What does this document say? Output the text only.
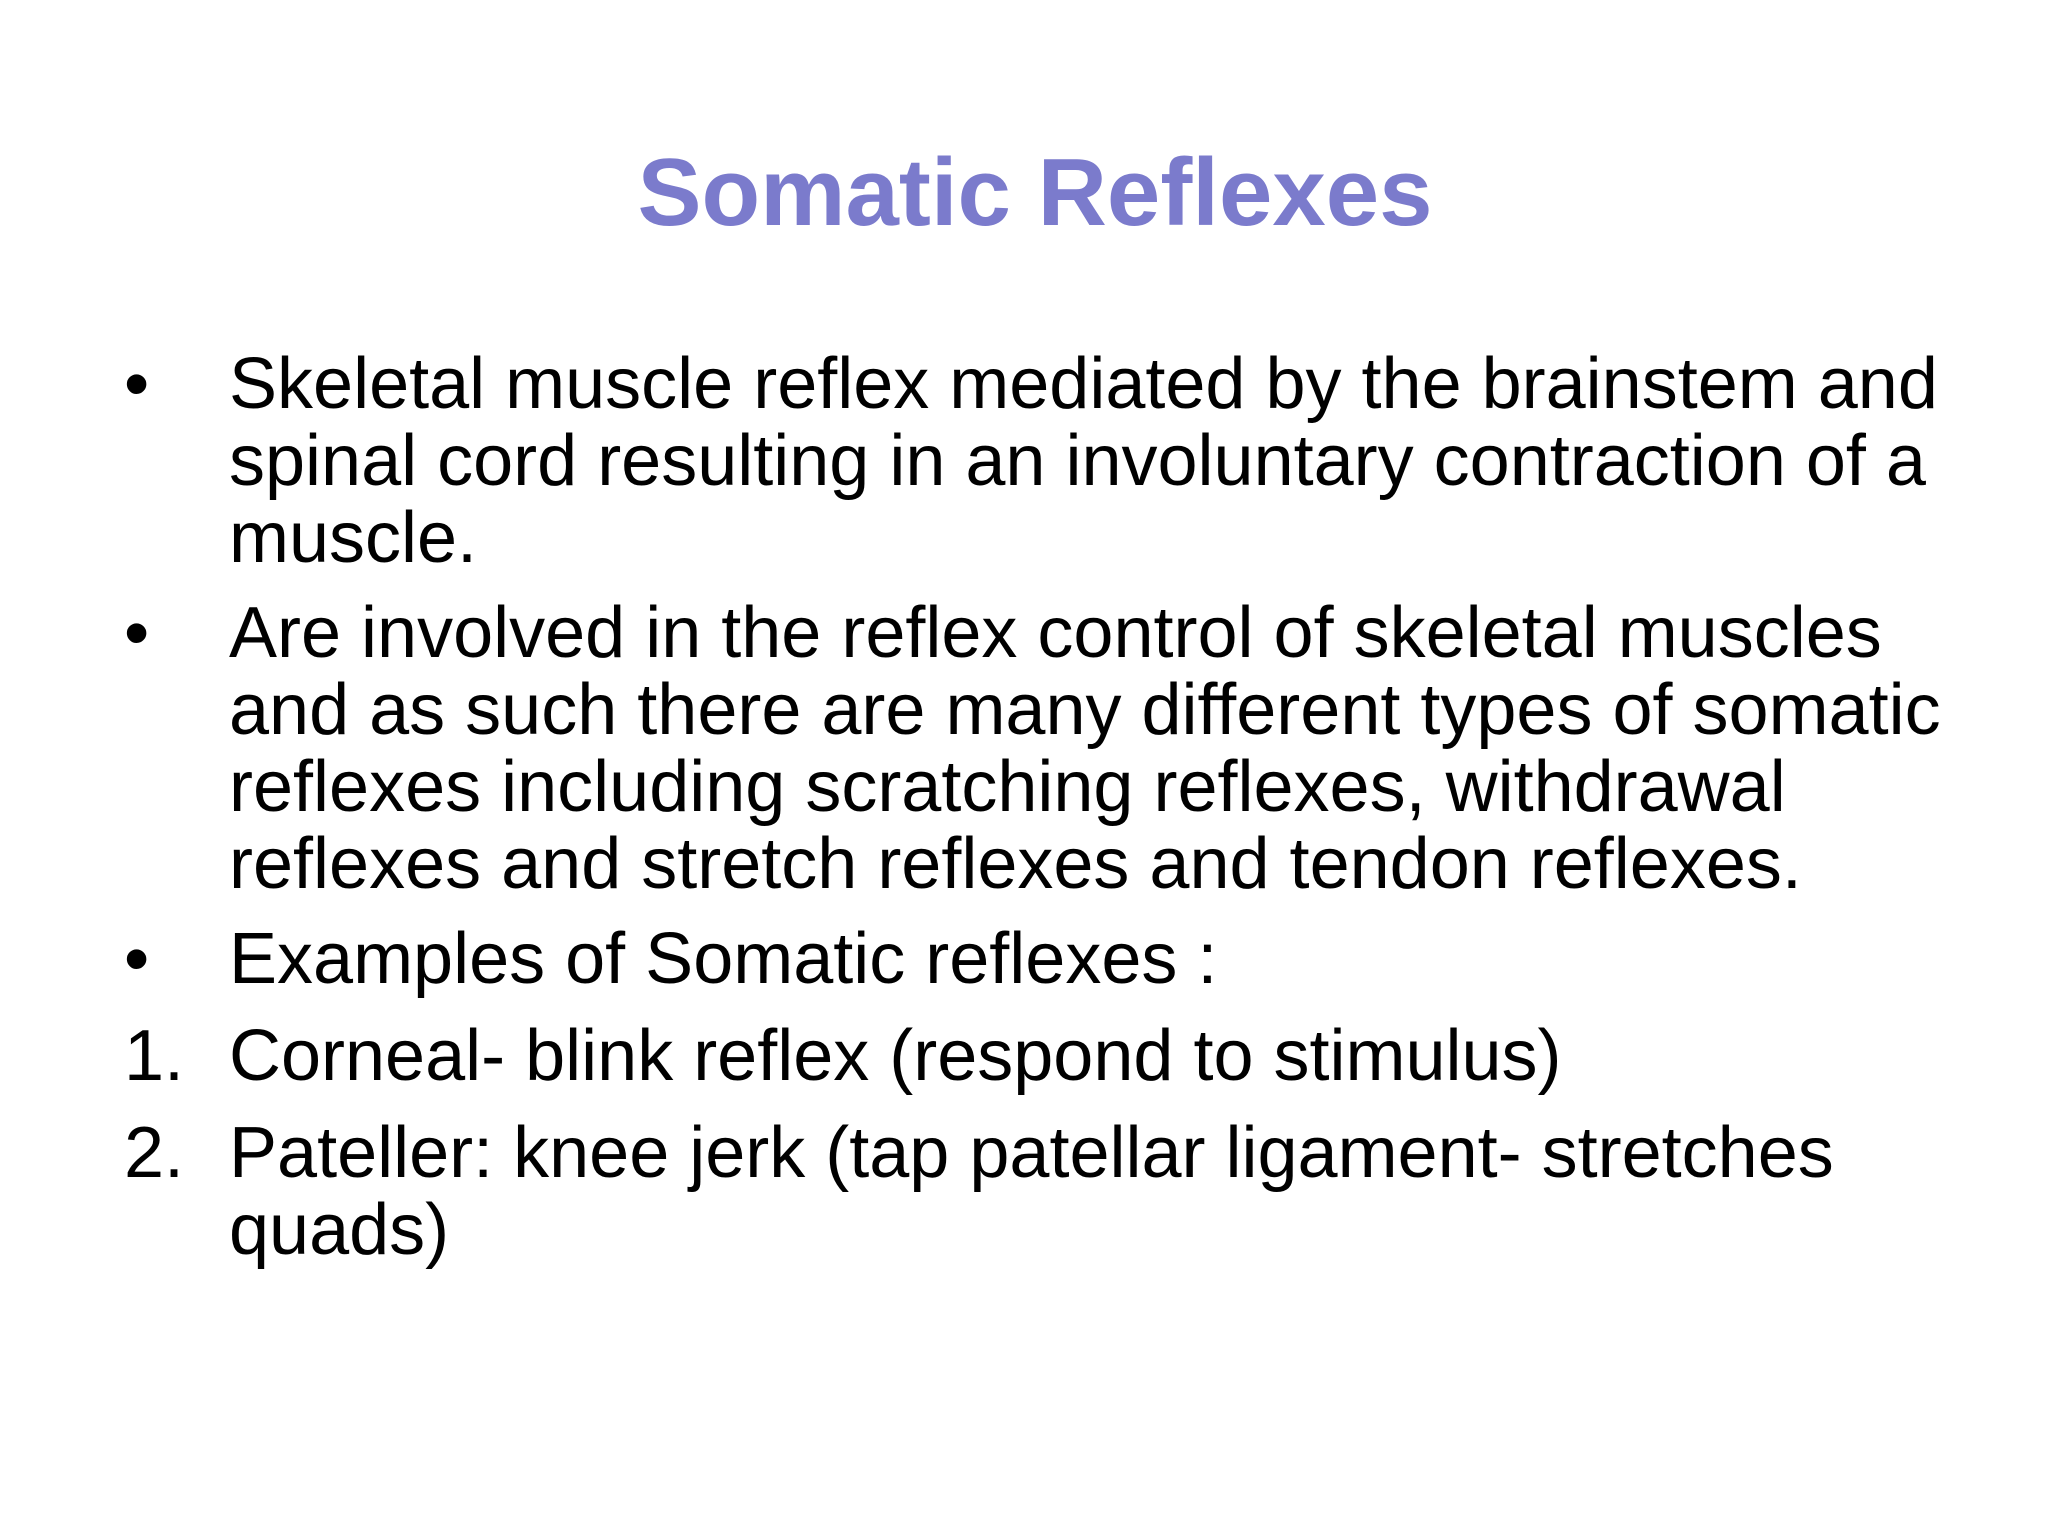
Somatic Reflexes
•	Skeletal muscle reflex mediated by the brainstem and spinal cord resulting in an involuntary contraction of a muscle.
•	Are involved in the reflex control of skeletal muscles and as such there are many different types of somatic reflexes including scratching reflexes, withdrawal reflexes and stretch reflexes and tendon reflexes.
•	Examples of Somatic reflexes :
1. Corneal- blink reflex (respond to stimulus)
2. Pateller: knee jerk (tap patellar ligament- stretches quads)
